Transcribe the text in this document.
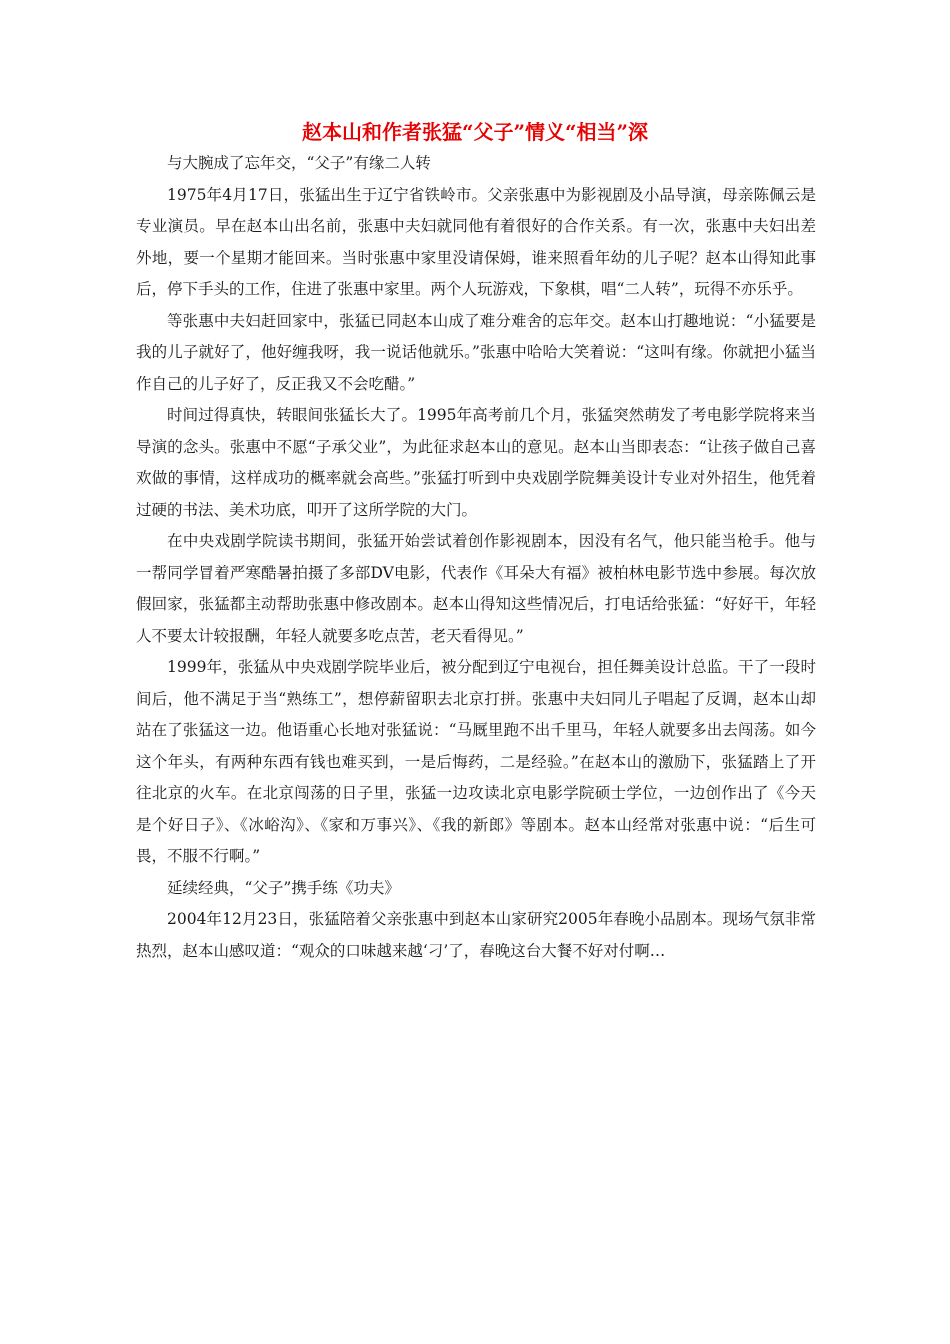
赵本山和作者张猛“父子”情义“相当”深

与大腕成了忘年交，“父子”有缘二人转

1975年4月17日，张猛出生于辽宁省铁岭市。父亲张惠中为影视剧及小品导演，母亲陈佩云是专业演员。早在赵本山出名前，张惠中夫妇就同他有着很好的合作关系。有一次，张惠中夫妇出差外地，要一个星期才能回来。当时张惠中家里没请保姆，谁来照看年幼的儿子呢？赵本山得知此事后，停下手头的工作，住进了张惠中家里。两个人玩游戏，下象棋，唱“二人转”，玩得不亦乐乎。

等张惠中夫妇赶回家中，张猛已同赵本山成了难分难舍的忘年交。赵本山打趣地说：“小猛要是我的儿子就好了，他好缠我呀，我一说话他就乐。”张惠中哈哈大笑着说：“这叫有缘。你就把小猛当作自己的儿子好了，反正我又不会吃醋。”

时间过得真快，转眼间张猛长大了。1995年高考前几个月，张猛突然萌发了考电影学院将来当导演的念头。张惠中不愿“子承父业”，为此征求赵本山的意见。赵本山当即表态：“让孩子做自己喜欢做的事情，这样成功的概率就会高些。”张猛打听到中央戏剧学院舞美设计专业对外招生，他凭着过硬的书法、美术功底，叩开了这所学院的大门。

在中央戏剧学院读书期间，张猛开始尝试着创作影视剧本，因没有名气，他只能当枪手。他与一帮同学冒着严寒酷暑拍摄了多部DV电影，代表作《耳朵大有福》被柏林电影节选中参展。每次放假回家，张猛都主动帮助张惠中修改剧本。赵本山得知这些情况后，打电话给张猛：“好好干，年轻人不要太计较报酬，年轻人就要多吃点苦，老天看得见。”

1999年，张猛从中央戏剧学院毕业后，被分配到辽宁电视台，担任舞美设计总监。干了一段时间后，他不满足于当“熟练工”，想停薪留职去北京打拼。张惠中夫妇同儿子唱起了反调，赵本山却站在了张猛这一边。他语重心长地对张猛说：“马厩里跑不出千里马，年轻人就要多出去闯荡。如今这个年头，有两种东西有钱也难买到，一是后悔药，二是经验。”在赵本山的激励下，张猛踏上了开往北京的火车。在北京闯荡的日子里，张猛一边攻读北京电影学院硕士学位，一边创作出了《今天是个好日子》、《冰峪沟》、《家和万事兴》、《我的新郎》等剧本。赵本山经常对张惠中说：“后生可畏，不服不行啊。”

延续经典，“父子”携手练《功夫》

2004年12月23日，张猛陪着父亲张惠中到赵本山家研究2005年春晚小品剧本。现场气氛非常热烈，赵本山感叹道：“观众的口味越来越‘刁’了，春晚这台大餐不好对付啊…
